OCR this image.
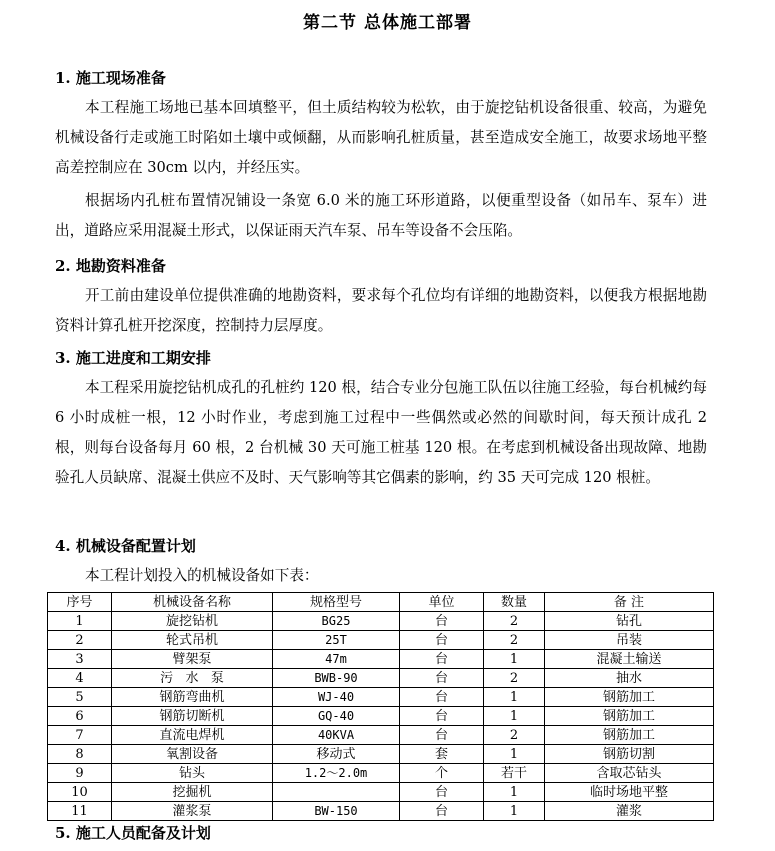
第二节 总体施工部署
1. 施工现场准备
本工程施工场地已基本回填整平，但土质结构较为松软，由于旋挖钻机设备很重、较高，为避免机械设备行走或施工时陷如土壤中或倾翻，从而影响孔桩质量，甚至造成安全施工，故要求场地平整高差控制应在 30cm 以内，并经压实。
根据场内孔桩布置情况铺设一条宽 6.0 米的施工环形道路，以便重型设备（如吊车、泵车）进出，道路应采用混凝土形式，以保证雨天汽车泵、吊车等设备不会压陷。
2. 地勘资料准备
开工前由建设单位提供准确的地勘资料，要求每个孔位均有详细的地勘资料，以便我方根据地勘资料计算孔桩开挖深度，控制持力层厚度。
3. 施工进度和工期安排
本工程采用旋挖钻机成孔的孔桩约 120 根，结合专业分包施工队伍以往施工经验，每台机械约每 6 小时成桩一根，12 小时作业，考虑到施工过程中一些偶然或必然的间歇时间，每天预计成孔 2 根，则每台设备每月 60 根，2 台机械 30 天可施工桩基 120 根。在考虑到机械设备出现故障、地勘验孔人员缺席、混凝土供应不及时、天气影响等其它偶素的影响，约 35 天可完成 120 根桩。
4. 机械设备配置计划
本工程计划投入的机械设备如下表：
序号	机械设备名称	规格型号	单位	数量	备 注
1	旋挖钻机	BG25	台	2	钻孔
2	轮式吊机	25T	台	2	吊装
3	臂架泵	47m	台	1	混凝土输送
4	污   水   泵	BWB-90	台	2	抽水
5	钢筋弯曲机	WJ-40	台	1	钢筋加工
6	钢筋切断机	GQ-40	台	1	钢筋加工
7	直流电焊机	40KVA	台	2	钢筋加工
8	氧割设备	移动式	套	1	钢筋切割
9	钻头	1.2～2.0m	个	若干	含取芯钻头
10	挖掘机		台	1	临时场地平整
11	灌浆泵	BW-150	台	1	灌浆
5. 施工人员配备及计划
